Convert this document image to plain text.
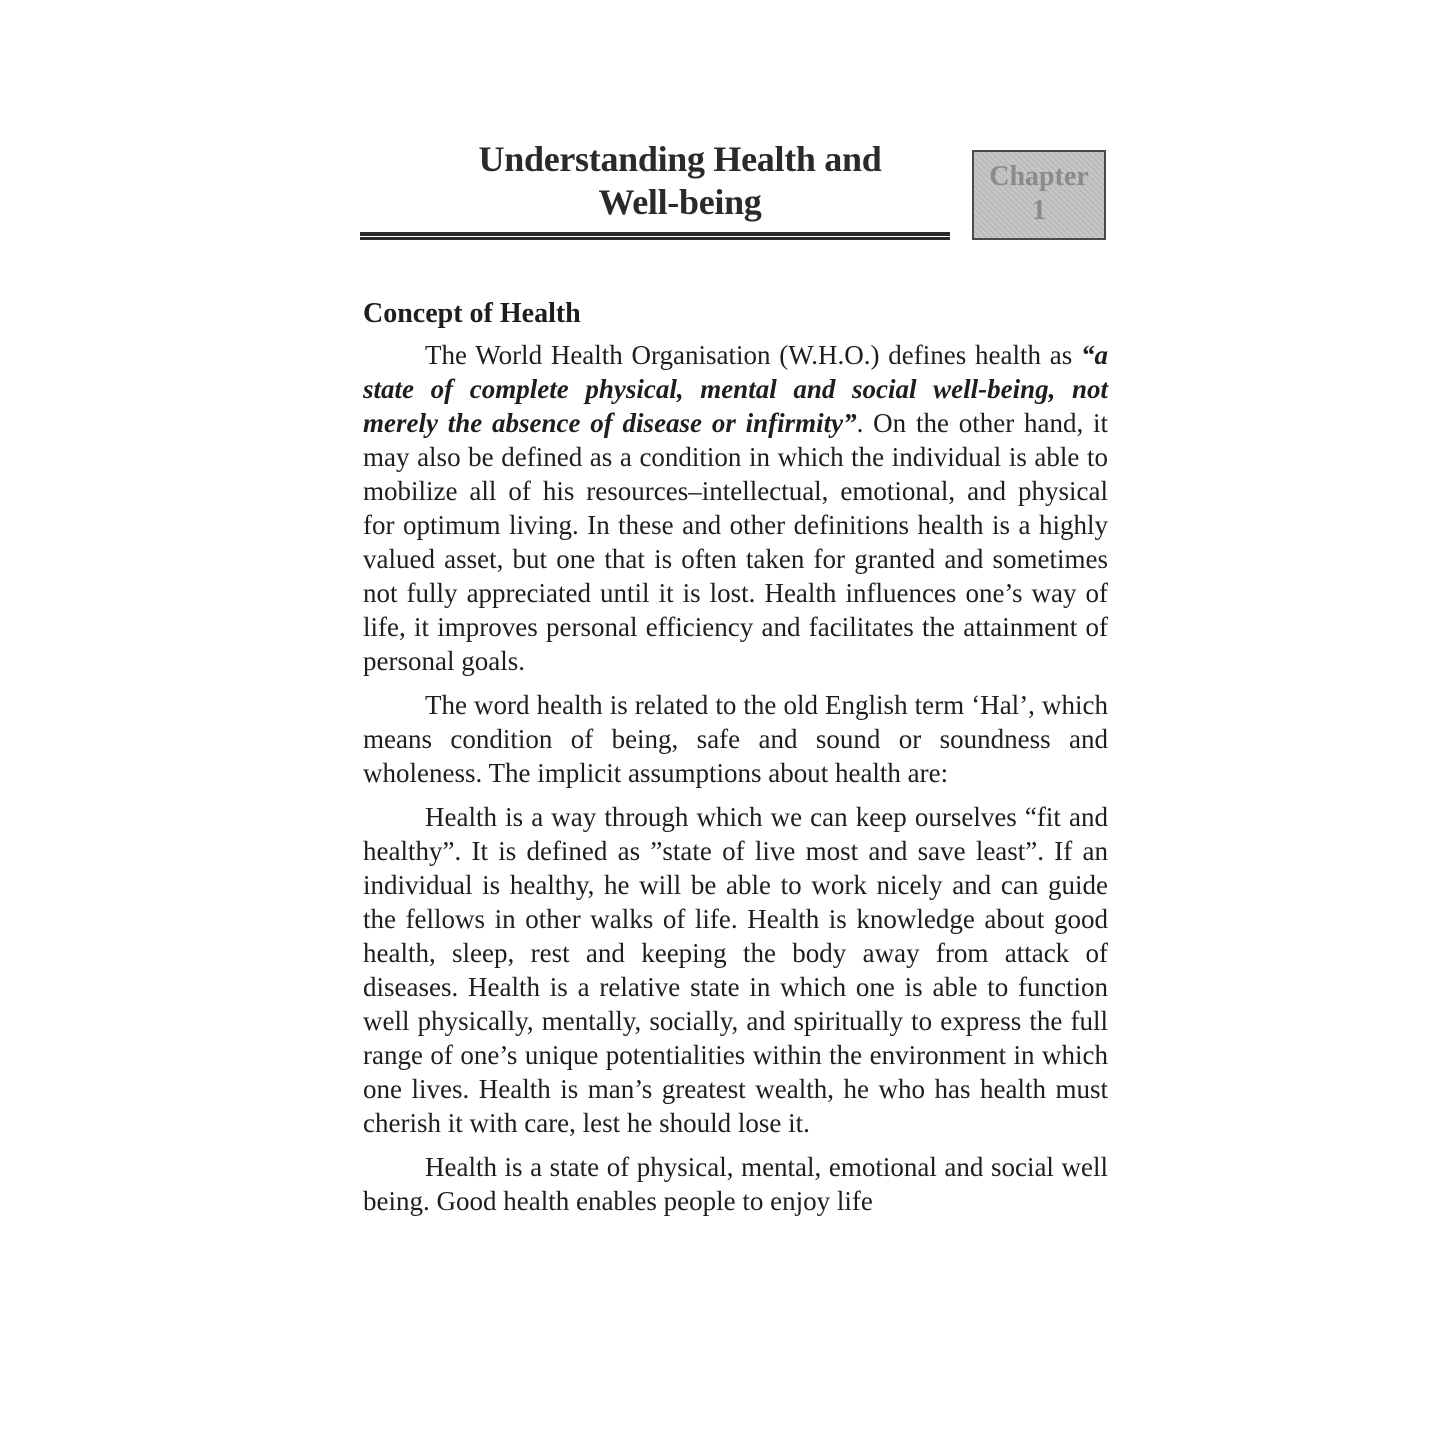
Understanding Health and
Well-being
Chapter
1
Concept of Health

The World Health Organisation (W.H.O.) defines health as “a state of complete physical, mental and social well-being, not merely the absence of disease or infirmity”. On the other hand, it may also be defined as a condition in which the individual is able to mobilize all of his resources–intellectual, emotional, and physical for optimum living. In these and other definitions health is a highly valued asset, but one that is often taken for granted and sometimes not fully appreciated until it is lost. Health influences one’s way of life, it improves personal efficiency and facilitates the attainment of personal goals.

The word health is related to the old English term ‘Hal’, which means condition of being, safe and sound or soundness and wholeness. The implicit assumptions about health are:

Health is a way through which we can keep ourselves “fit and healthy”. It is defined as ”state of live most and save least”. If an individual is healthy, he will be able to work nicely and can guide the fellows in other walks of life. Health is knowledge about good health, sleep, rest and keeping the body away from attack of diseases. Health is a relative state in which one is able to function well physically, mentally, socially, and spiritually to express the full range of one’s unique potentialities within the environment in which one lives. Health is man’s greatest wealth, he who has health must cherish it with care, lest he should lose it.

Health is a state of physical, mental, emotional and social well being. Good health enables people to enjoy life
